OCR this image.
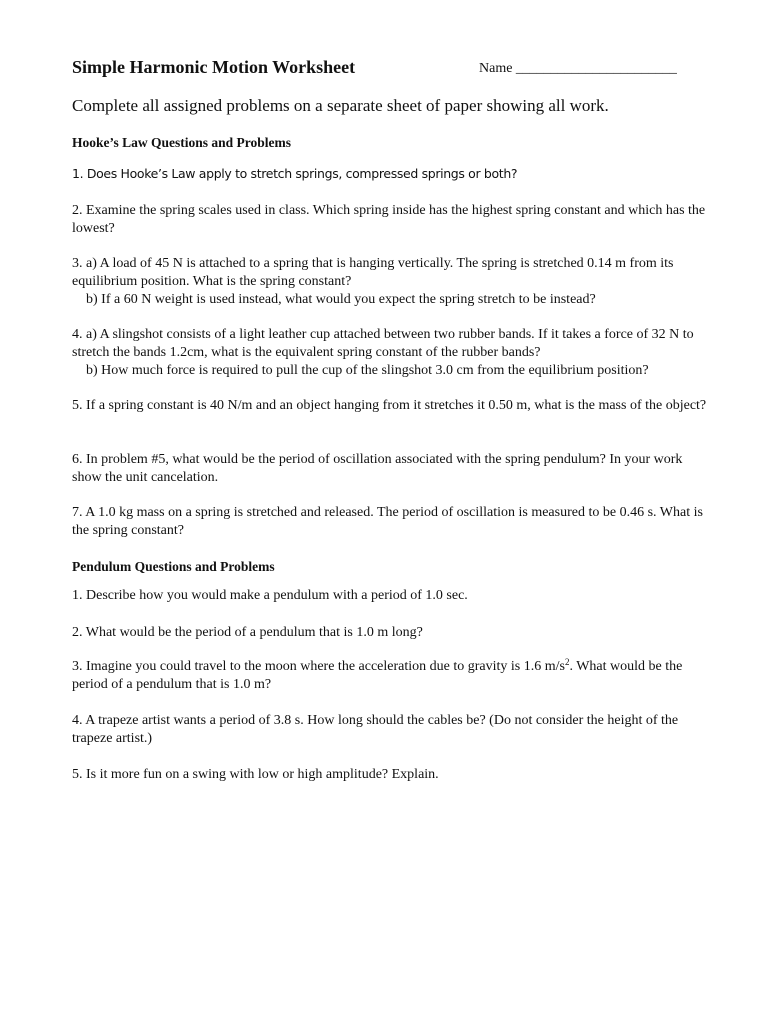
Simple Harmonic Motion Worksheet	Name _______________________
Complete all assigned problems on a separate sheet of paper showing all work.
Hooke’s Law Questions and Problems

1. Does Hooke’s Law apply to stretch springs, compressed springs or both?

2. Examine the spring scales used in class. Which spring inside has the highest spring constant and which has the lowest?

3. a) A load of 45 N is attached to a spring that is hanging vertically. The spring is stretched 0.14 m from its equilibrium position. What is the spring constant?

b) If a 60 N weight is used instead, what would you expect the spring stretch to be instead?

4. a) A slingshot consists of a light leather cup attached between two rubber bands. If it takes a force of 32 N to stretch the bands 1.2cm, what is the equivalent spring constant of the rubber bands?

b) How much force is required to pull the cup of the slingshot 3.0 cm from the equilibrium position?

5. If a spring constant is 40 N/m and an object hanging from it stretches it 0.50 m, what is the mass of the object?

6. In problem #5, what would be the period of oscillation associated with the spring pendulum? In your work show the unit cancelation.

7. A 1.0 kg mass on a spring is stretched and released. The period of oscillation is measured to be 0.46 s. What is the spring constant?

Pendulum Questions and Problems

1. Describe how you would make a pendulum with a period of 1.0 sec.

2. What would be the period of a pendulum that is 1.0 m long?

3. Imagine you could travel to the moon where the acceleration due to gravity is 1.6 $m/s^2$. What would be the period of a pendulum that is 1.0 m?

4. A trapeze artist wants a period of 3.8 s. How long should the cables be? (Do not consider the height of the trapeze artist.)

5. Is it more fun on a swing with low or high amplitude? Explain.
